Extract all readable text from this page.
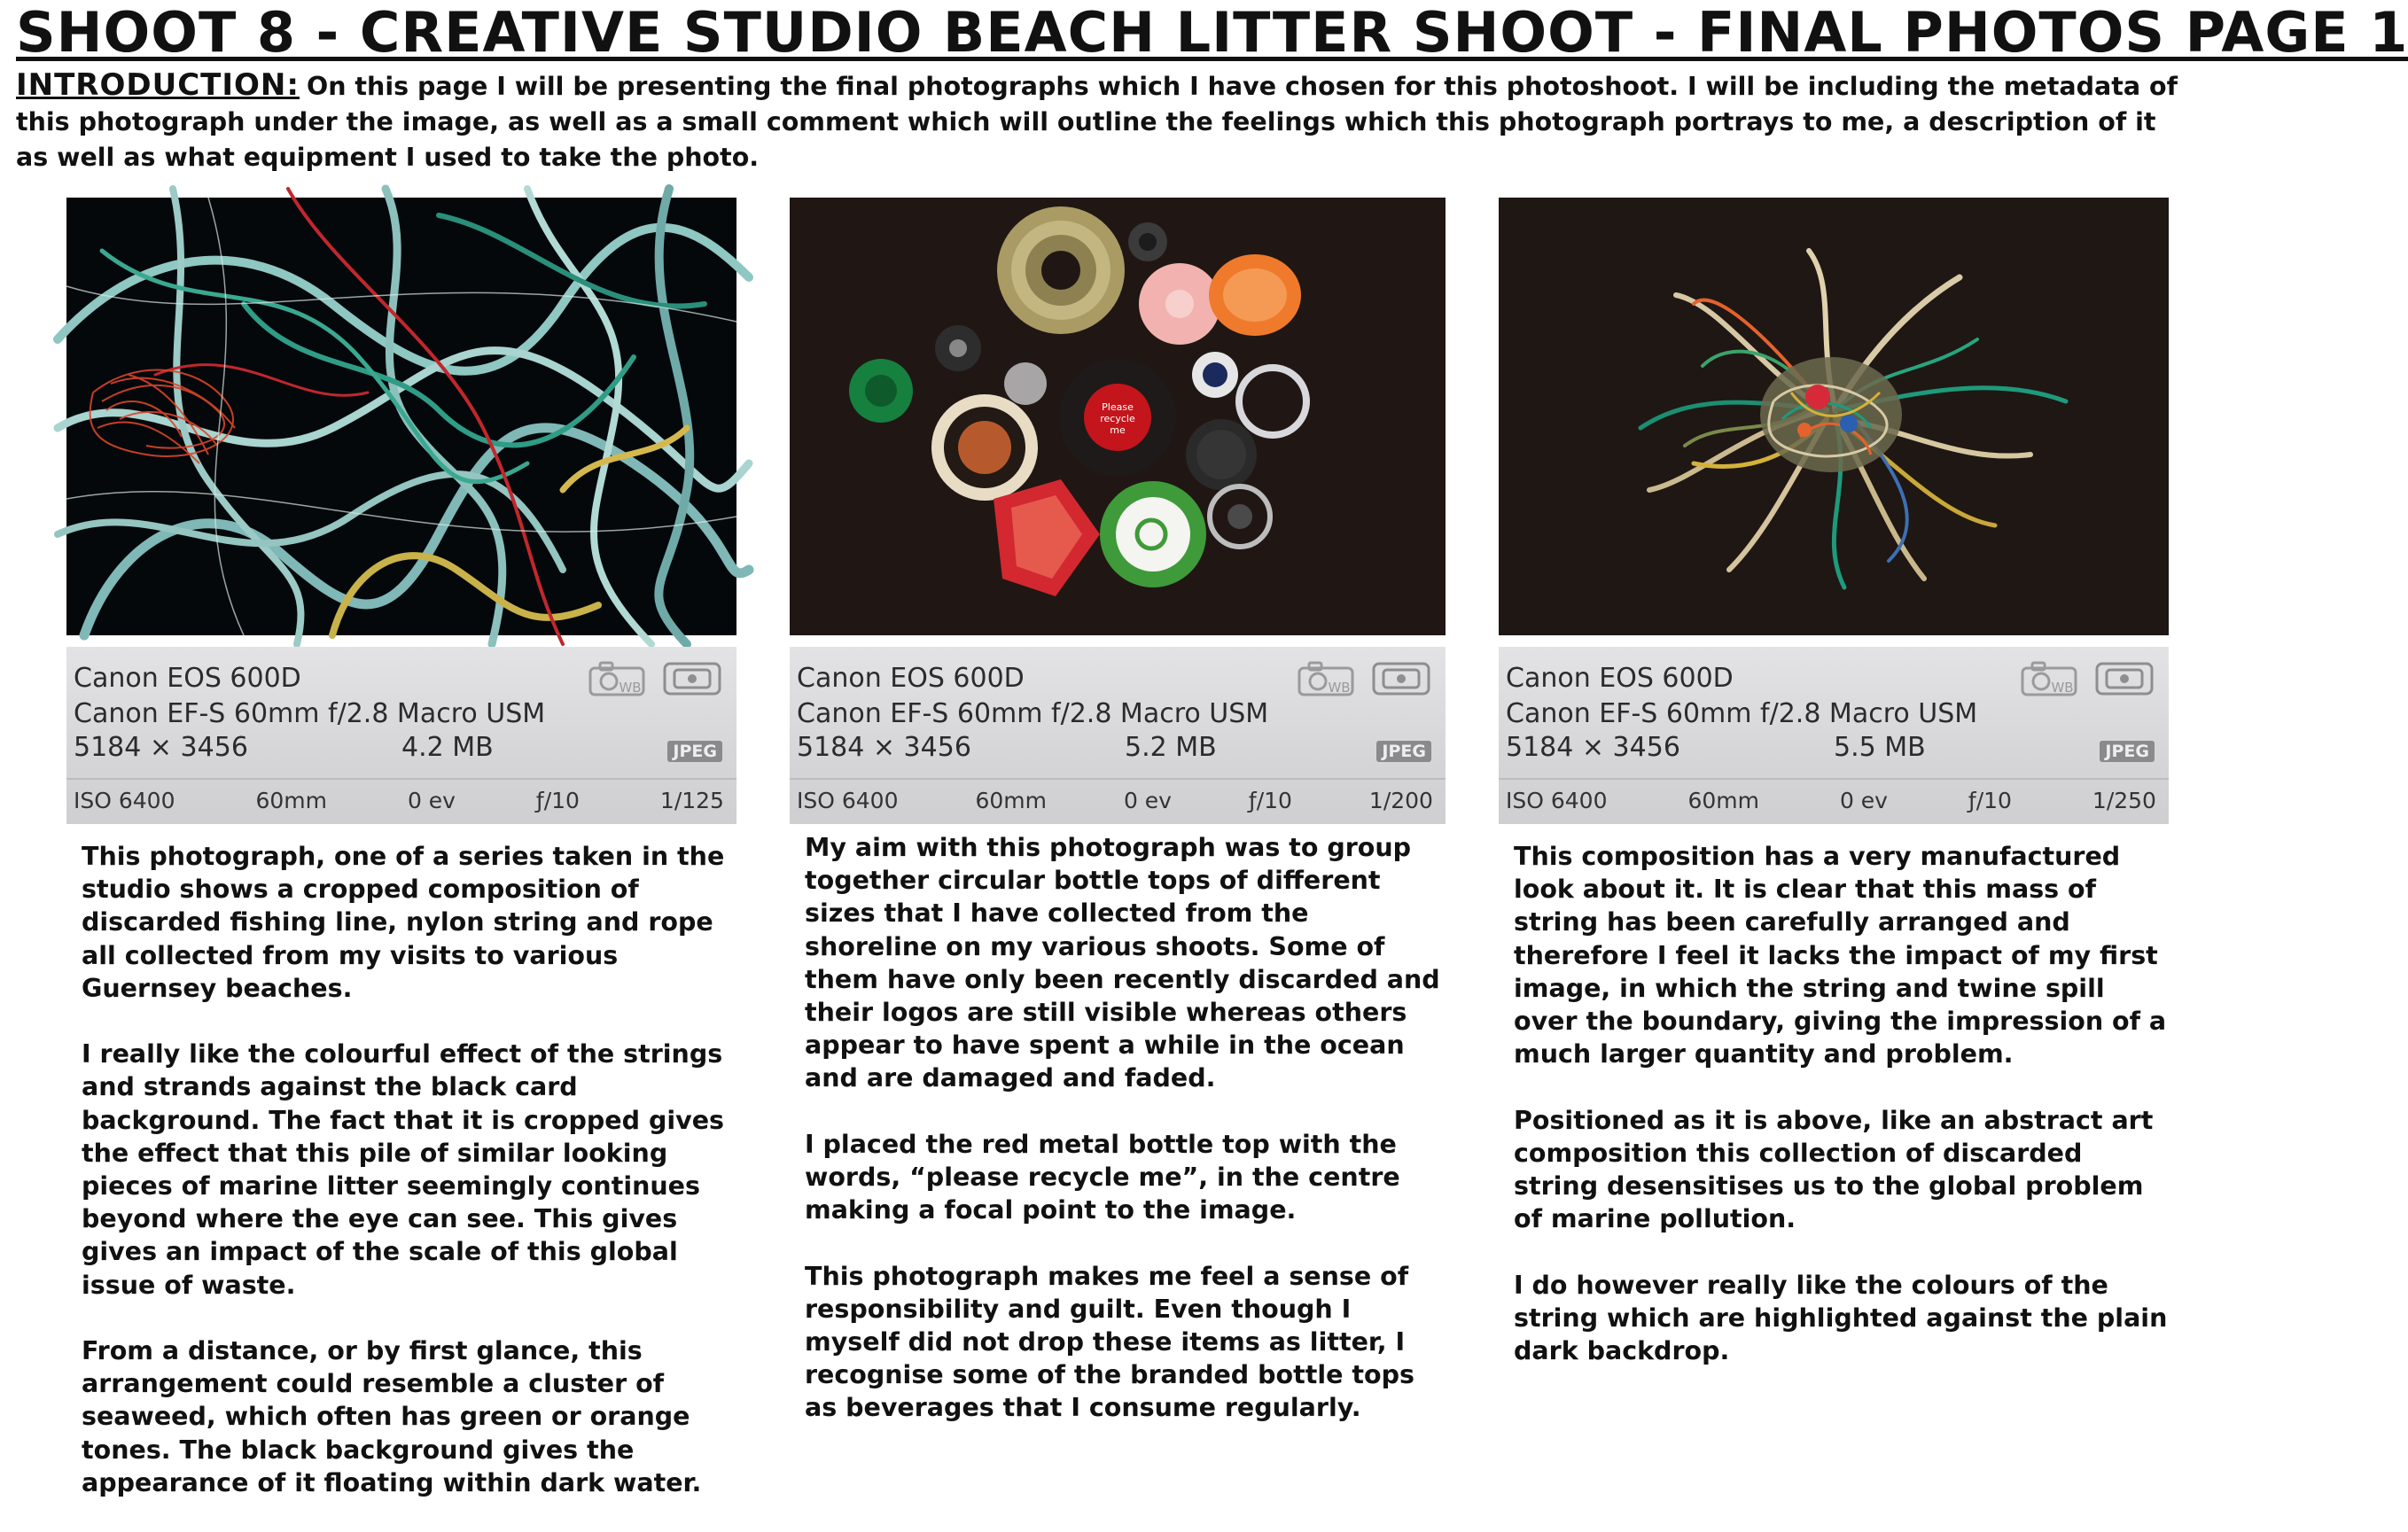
SHOOT 8 - CREATIVE STUDIO BEACH LITTER SHOOT - FINAL PHOTOS PAGE 1
INTRODUCTION: On this page I will be presenting the final photographs which I have chosen for this photoshoot. I will be including the metadata of this photograph under the image, as well as a small comment which will outline the feelings which this photograph portrays to me, a description of it as well as what equipment I used to take the photo.
Please
recycle
me
Canon EOS 600D
Canon EF-S 60mm f/2.8 Macro USM
5184 × 3456	4.2 MB	JPEG
WB
ISO 6400	60mm	0 ev	ƒ/10	1/125
Canon EOS 600D
Canon EF-S 60mm f/2.8 Macro USM
5184 × 3456	5.2 MB	JPEG
WB
ISO 6400	60mm	0 ev	ƒ/10	1/200
Canon EOS 600D
Canon EF-S 60mm f/2.8 Macro USM
5184 × 3456	5.5 MB	JPEG
WB
ISO 6400	60mm	0 ev	ƒ/10	1/250

This photograph, one of a series taken in the studio shows a cropped composition of discarded fishing line, nylon string and rope all collected from my visits to various Guernsey beaches.

I really like the colourful effect of the strings and strands against the black card background. The fact that it is cropped gives the effect that this pile of similar looking pieces of marine litter seemingly continues beyond where the eye can see. This gives gives an impact of the scale of this global issue of waste.

From a distance, or by first glance, this arrangement could resemble a cluster of seaweed, which often has green or orange tones. The black background gives the appearance of it floating within dark water.

My aim with this photograph was to group together circular bottle tops of different sizes that I have collected from the shoreline on my various shoots. Some of them have only been recently discarded and their logos are still visible whereas others appear to have spent a while in the ocean and are damaged and faded.

I placed the red metal bottle top with the words, “please recycle me”, in the centre making a focal point to the image.

This photograph makes me feel a sense of responsibility and guilt. Even though I myself did not drop these items as litter, I recognise some of the branded bottle tops as beverages that I consume regularly.

This composition has a very manufactured look about it. It is clear that this mass of string has been carefully arranged and therefore I feel it lacks the impact of my first image, in which the string and twine spill over the boundary, giving the impression of a much larger quantity and problem.

Positioned as it is above, like an abstract art composition this collection of discarded string desensitises us to the global problem of marine pollution.

I do however really like the colours of the string which are highlighted against the plain dark backdrop.
